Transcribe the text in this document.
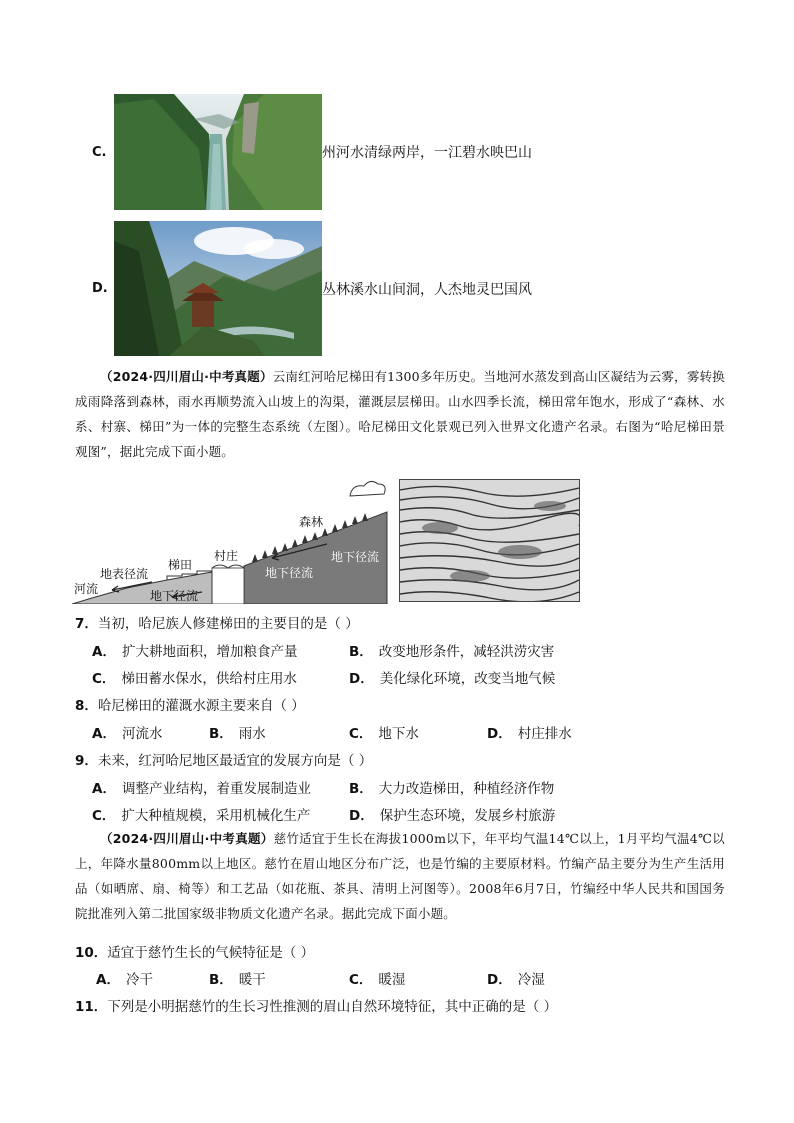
C.	州河水清绿两岸，一江碧水映巴山
D.	丛林溪水山间洞，人杰地灵巴国风
（2024·四川眉山·中考真题）云南红河哈尼梯田有1300多年历史。当地河水蒸发到高山区凝结为云雾，雾转换成雨降落到森林，雨水再顺势流入山坡上的沟渠，灌溉层层梯田。山水四季长流，梯田常年饱水，形成了“森林、水系、村寨、梯田”为一体的完整生态系统（左图）。哈尼梯田文化景观已列入世界文化遗产名录。右图为“哈尼梯田景观图”，据此完成下面小题。
森林
村庄
梯田
地表径流
河流
地下径流
地下径流
地下径流
7．当初，哈尼族人修建梯田的主要目的是（ ）
A． 扩大耕地面积，增加粮食产量	B． 改变地形条件，减轻洪涝灾害
C． 梯田蓄水保水，供给村庄用水	D． 美化绿化环境，改变当地气候
8．哈尼梯田的灌溉水源主要来自（ ）
A． 河流水	B． 雨水	C． 地下水	D． 村庄排水
9．未来，红河哈尼地区最适宜的发展方向是（ ）
A． 调整产业结构，着重发展制造业	B． 大力改造梯田，种植经济作物
C． 扩大种植规模，采用机械化生产	D． 保护生态环境，发展乡村旅游
（2024·四川眉山·中考真题）慈竹适宜于生长在海拔1000m以下，年平均气温14℃以上，1月平均气温4℃以上，年降水量800mm以上地区。慈竹在眉山地区分布广泛，也是竹编的主要原材料。竹编产品主要分为生产生活用品（如晒席、扇、椅等）和工艺品（如花瓶、茶具、清明上河图等）。2008年6月7日，竹编经中华人民共和国国务院批准列入第二批国家级非物质文化遗产名录。据此完成下面小题。
10．适宜于慈竹生长的气候特征是（ ）
A． 冷干	B． 暖干	C． 暖湿	D． 冷湿
11．下列是小明据慈竹的生长习性推测的眉山自然环境特征，其中正确的是（ ）
